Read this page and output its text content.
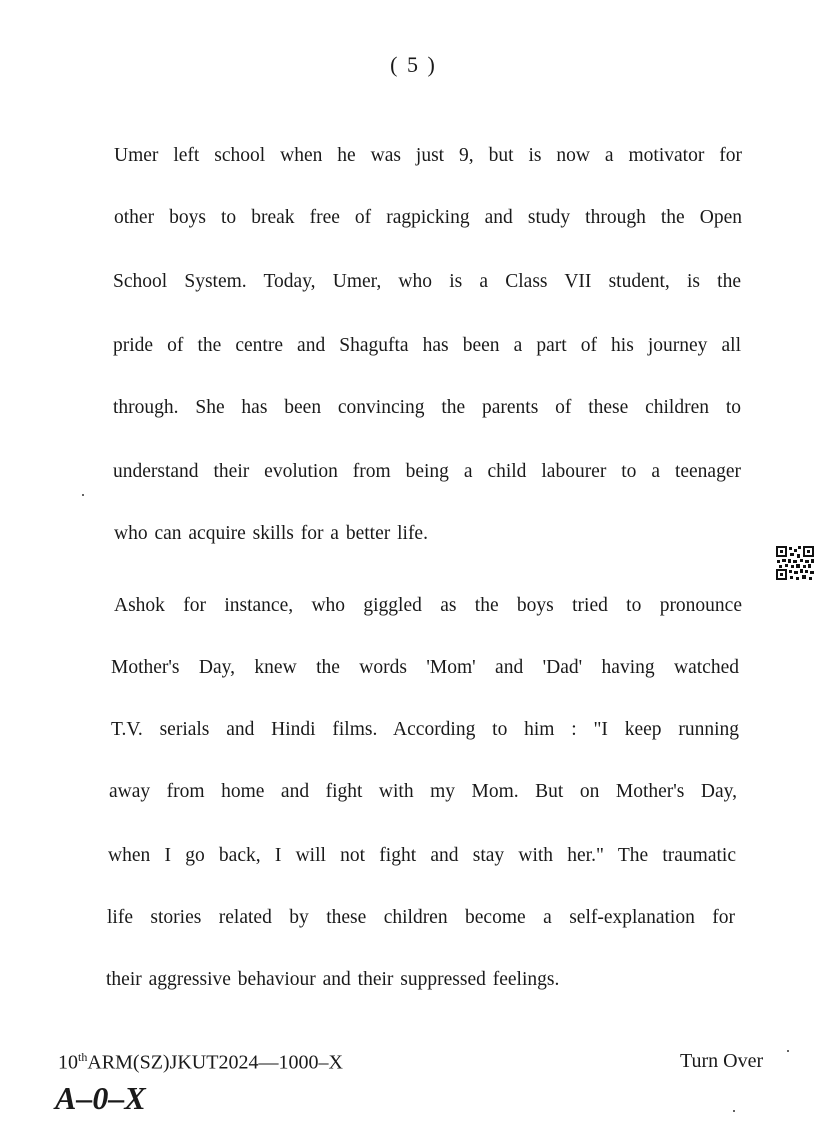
( 5 )
Umer left school when he was just 9, but is now a motivator for
other boys to break free of ragpicking and study through the Open
School System. Today, Umer, who is a Class VII student, is the
pride of the centre and Shagufta has been a part of his journey all
through. She has been convincing the parents of these children to
understand their evolution from being a child labourer to a teenager
who can acquire skills for a better life.
Ashok for instance, who giggled as the boys tried to pronounce
Mother's Day, knew the words 'Mom' and 'Dad' having watched
T.V. serials and Hindi films. According to him : "I keep running
away from home and fight with my Mom. But on Mother's Day,
when I go back, I will not fight and stay with her." The traumatic
life stories related by these children become a self-explanation for
their aggressive behaviour and their suppressed feelings.
10thARM(SZ)JKUT2024—1000–X	Turn Over
A–0–X
